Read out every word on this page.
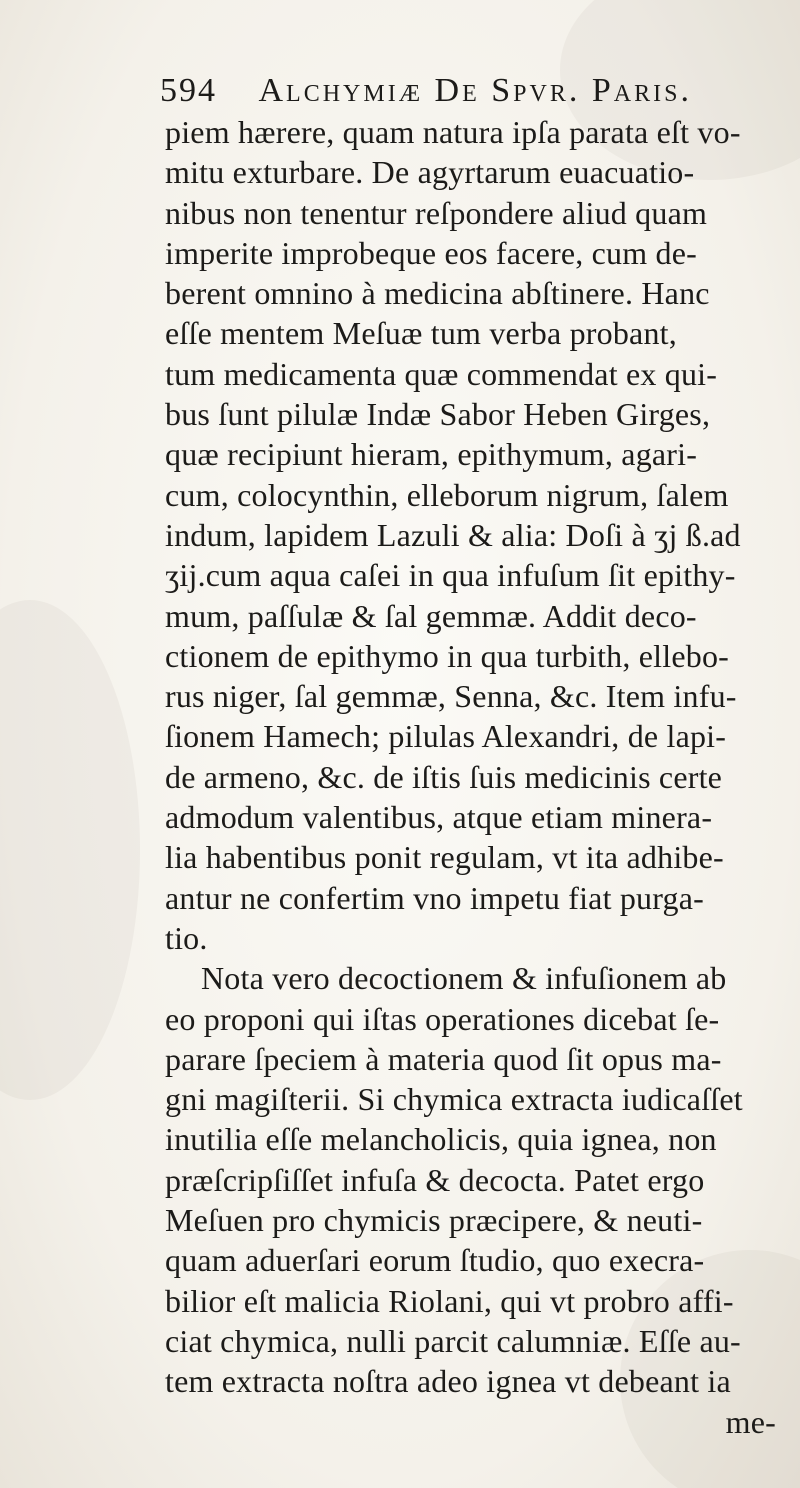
594 Alchymiæ De Spvr. Paris.
piem hærere, quam natura ipſa parata eſt vo-
mitu exturbare. De agyrtarum euacuatio-
nibus non tenentur reſpondere aliud quam
imperite improbeque eos facere, cum de-
berent omnino à medicina abſtinere. Hanc
eſſe mentem Meſuæ tum verba probant,
tum medicamenta quæ commendat ex qui-
bus ſunt pilulæ Indæ Sabor Heben Girges,
quæ recipiunt hieram, epithymum, agari-
cum, colocynthin, elleborum nigrum, ſalem
indum, lapidem Lazuli & alia: Doſi à ʒj ß.ad
ʒij.cum aqua caſei in qua infuſum ſit epithy-
mum, paſſulæ & ſal gemmæ. Addit deco-
ctionem de epithymo in qua turbith, ellebo-
rus niger, ſal gemmæ, Senna, &c. Item infu-
ſionem Hamech; pilulas Alexandri, de lapi-
de armeno, &c. de iſtis ſuis medicinis certe
admodum valentibus, atque etiam minera-
lia habentibus ponit regulam, vt ita adhibe-
antur ne confertim vno impetu fiat purga-
tio.
Nota vero decoctionem & infuſionem ab
eo proponi qui iſtas operationes dicebat ſe-
parare ſpeciem à materia quod ſit opus ma-
gni magiſterii. Si chymica extracta iudicaſſet
inutilia eſſe melancholicis, quia ignea, non
præſcripſiſſet infuſa & decocta. Patet ergo
Meſuen pro chymicis præcipere, & neuti-
quam aduerſari eorum ſtudio, quo execra-
bilior eſt malicia Riolani, qui vt probro affi-
ciat chymica, nulli parcit calumniæ. Eſſe au-
tem extracta noſtra adeo ignea vt debeant ia
me-
